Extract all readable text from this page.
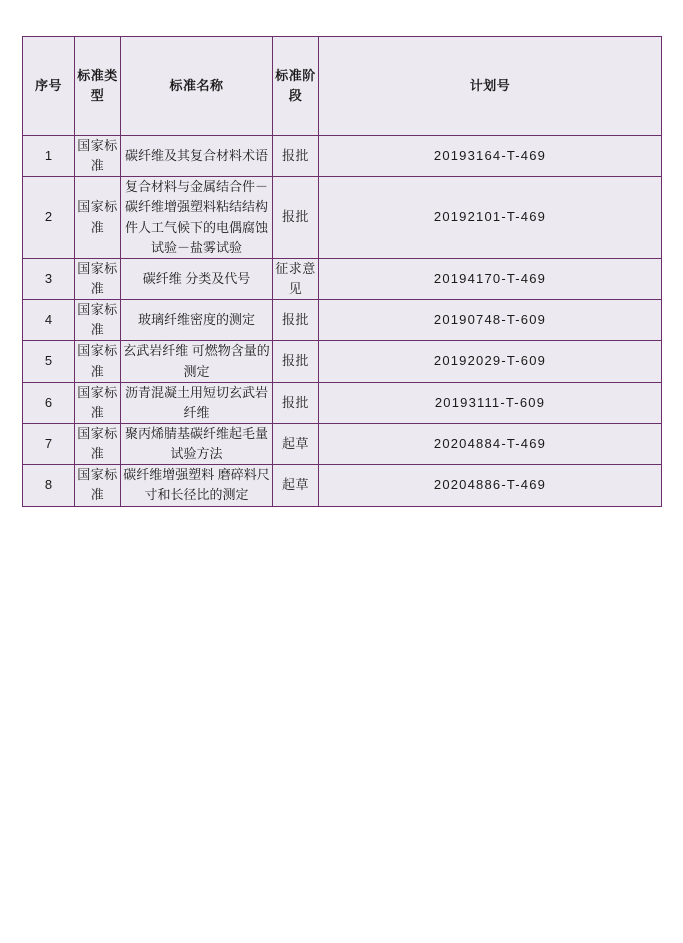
序号	标准类型	标准名称	标准阶段	计划号
1	国家标准	碳纤维及其复合材料术语	报批	20193164-T-469
2	国家标准	复合材料与金属结合件－碳纤维增强塑料粘结结构件人工气候下的电偶腐蚀试验－盐雾试验	报批	20192101-T-469
3	国家标准	碳纤维 分类及代号	征求意见	20194170-T-469
4	国家标准	玻璃纤维密度的测定	报批	20190748-T-609
5	国家标准	玄武岩纤维 可燃物含量的测定	报批	20192029-T-609
6	国家标准	沥青混凝土用短切玄武岩纤维	报批	20193111-T-609
7	国家标准	聚丙烯腈基碳纤维起毛量试验方法	起草	20204884-T-469
8	国家标准	碳纤维增强塑料 磨碎料尺寸和长径比的测定	起草	20204886-T-469
